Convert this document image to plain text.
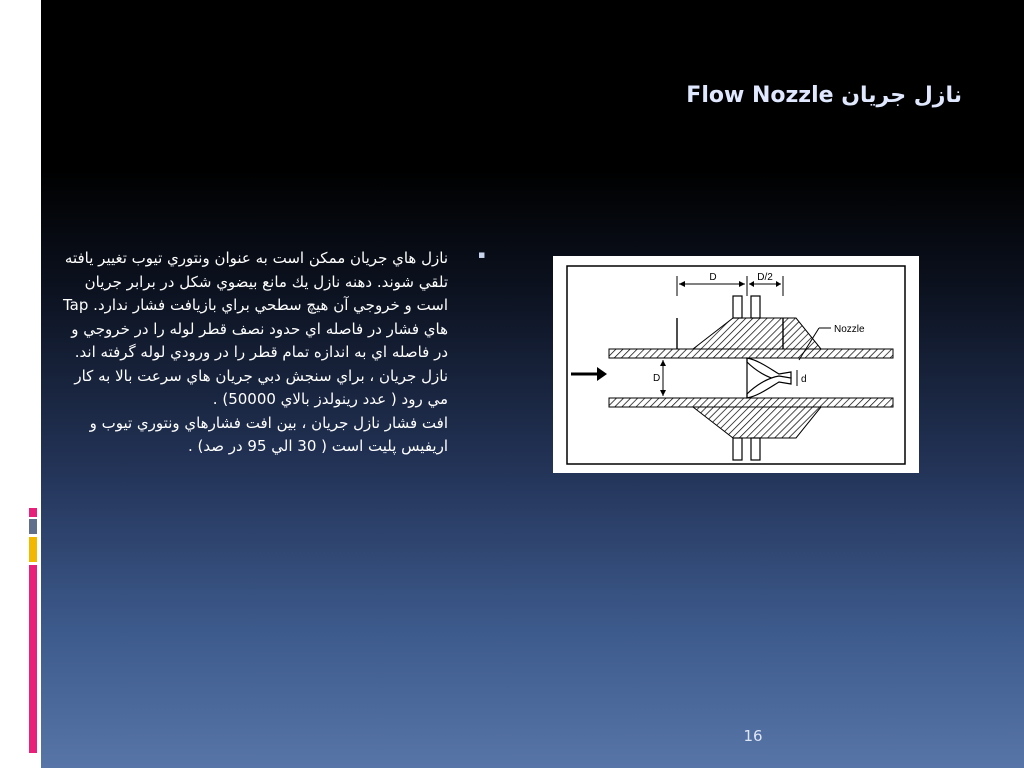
نازل جريان Flow Nozzle
▪

نازل هاي جريان ممكن است به عنوان ونتوري تيوب تغيير يافته تلقي شوند. دهنه نازل يك مانع بيضوي شكل در برابر جريان است و خروجي آن هيچ سطحي براي بازيافت فشار ندارد. Tap هاي فشار در فاصله اي حدود نصف قطر لوله را در خروجي و در فاصله اي به اندازه تمام قطر را در ورودي لوله گرفته اند.

نازل جريان ، براي سنجش دبي جريان هاي سرعت بالا به كار مي رود ( عدد رينولدز بالاي 50000) .

افت فشار نازل جريان ، بين افت فشارهاي ونتوري تيوب و اريفيس پليت است ( 30 الي 95 در صد) .

D	D/2
Nozzle
D	d
16
